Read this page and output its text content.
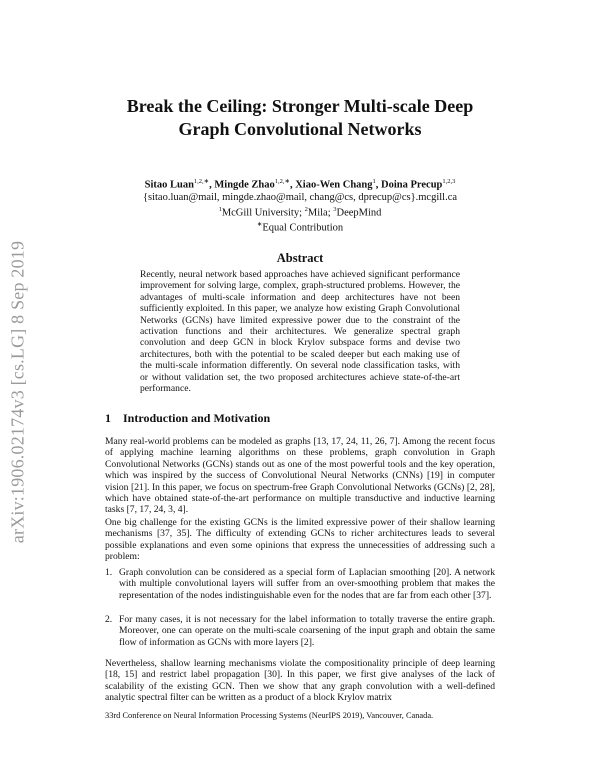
arXiv:1906.02174v3 [cs.LG] 8 Sep 2019
Break the Ceiling: Stronger Multi-scale Deep
Graph Convolutional Networks
Sitao Luan$^{1,2,∗}$, Mingde Zhao$^{1,2,∗}$, Xiao-Wen Chang$^1$, Doina Precup$^{1,2,3}$
{sitao.luan@mail, mingde.zhao@mail, chang@cs, dprecup@cs}.mcgill.ca
$^1$McGill University; $^2$Mila; $^3$DeepMind
∗Equal Contribution
Abstract
Recently, neural network based approaches have achieved significant performance improvement for solving large, complex, graph-structured problems. However, the advantages of multi-scale information and deep architectures have not been sufficiently exploited. In this paper, we analyze how existing Graph Convolutional Networks (GCNs) have limited expressive power due to the constraint of the activation functions and their architectures. We generalize spectral graph convolution and deep GCN in block Krylov subspace forms and devise two architectures, both with the potential to be scaled deeper but each making use of the multi-scale information differently. On several node classification tasks, with or without validation set, the two proposed architectures achieve state-of-the-art performance.
1 Introduction and Motivation
Many real-world problems can be modeled as graphs [13, 17, 24, 11, 26, 7]. Among the recent focus of applying machine learning algorithms on these problems, graph convolution in Graph Convolutional Networks (GCNs) stands out as one of the most powerful tools and the key operation, which was inspired by the success of Convolutional Neural Networks (CNNs) [19] in computer vision [21]. In this paper, we focus on spectrum-free Graph Convolutional Networks (GCNs) [2, 28], which have obtained state-of-the-art performance on multiple transductive and inductive learning tasks [7, 17, 24, 3, 4].
One big challenge for the existing GCNs is the limited expressive power of their shallow learning mechanisms [37, 35]. The difficulty of extending GCNs to richer architectures leads to several possible explanations and even some opinions that express the unnecessities of addressing such a problem:
1. Graph convolution can be considered as a special form of Laplacian smoothing [20]. A network with multiple convolutional layers will suffer from an over-smoothing problem that makes the representation of the nodes indistinguishable even for the nodes that are far from each other [37].
2. For many cases, it is not necessary for the label information to totally traverse the entire graph. Moreover, one can operate on the multi-scale coarsening of the input graph and obtain the same flow of information as GCNs with more layers [2].
Nevertheless, shallow learning mechanisms violate the compositionality principle of deep learning [18, 15] and restrict label propagation [30]. In this paper, we first give analyses of the lack of scalability of the existing GCN. Then we show that any graph convolution with a well-defined analytic spectral filter can be written as a product of a block Krylov matrix
33rd Conference on Neural Information Processing Systems (NeurIPS 2019), Vancouver, Canada.
